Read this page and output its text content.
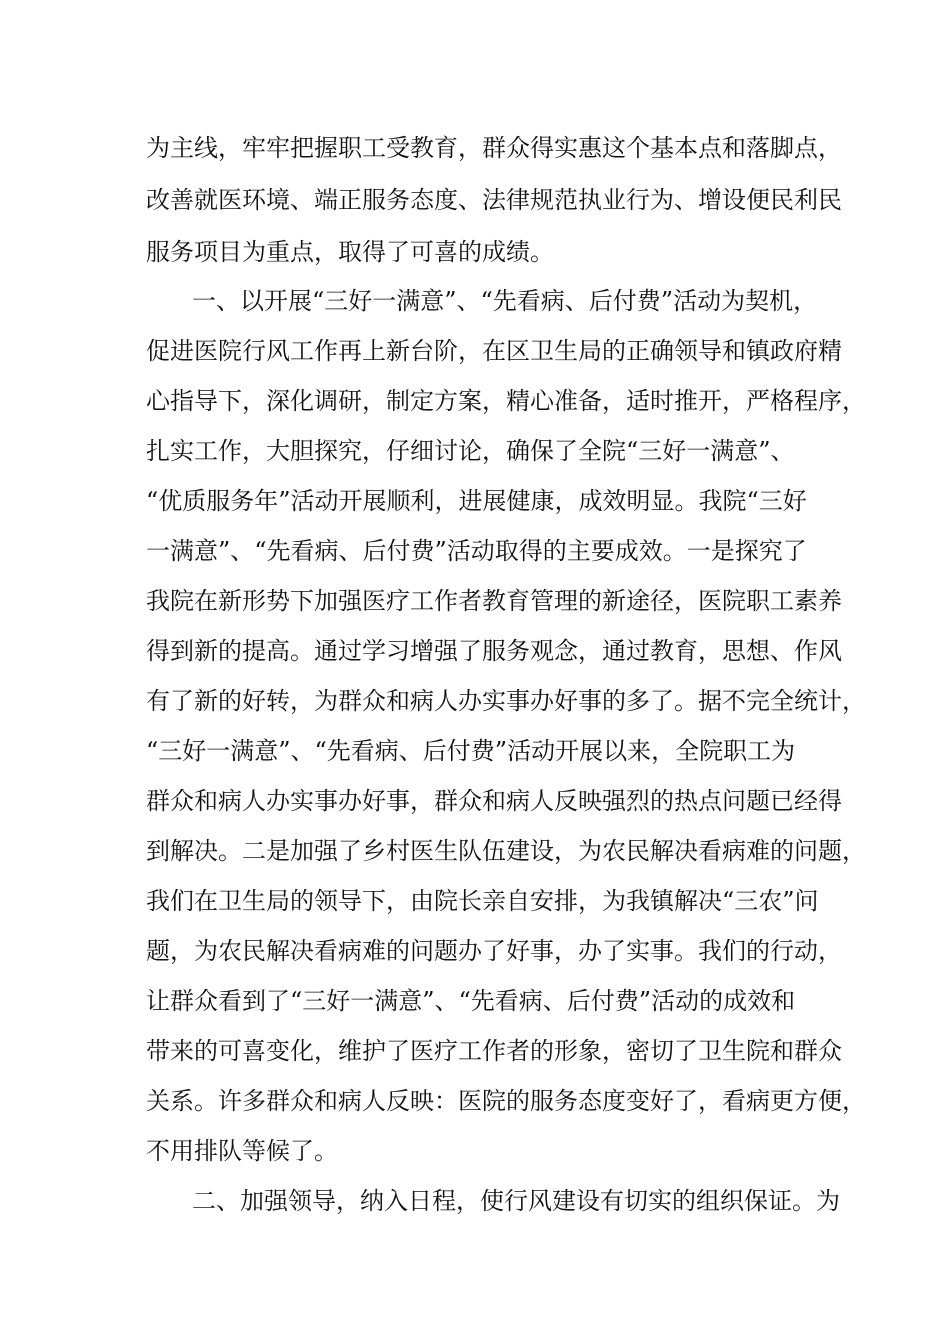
为主线，牢牢把握职工受教育，群众得实惠这个基本点和落脚点，

改善就医环境、端正服务态度、法律规范执业行为、增设便民利民

服务项目为重点，取得了可喜的成绩。

一、以开展“三好一满意”、“先看病、后付费”活动为契机，

促进医院行风工作再上新台阶，在区卫生局的正确领导和镇政府精

心指导下，深化调研，制定方案，精心准备，适时推开，严格程序，

扎实工作，大胆探究，仔细讨论，确保了全院“三好一满意”、

“优质服务年”活动开展顺利，进展健康，成效明显。我院“三好

一满意”、“先看病、后付费”活动取得的主要成效。一是探究了

我院在新形势下加强医疗工作者教育管理的新途径，医院职工素养

得到新的提高。通过学习增强了服务观念，通过教育，思想、作风

有了新的好转，为群众和病人办实事办好事的多了。据不完全统计，

“三好一满意”、“先看病、后付费”活动开展以来，全院职工为

群众和病人办实事办好事，群众和病人反映强烈的热点问题已经得

到解决。二是加强了乡村医生队伍建设，为农民解决看病难的问题，

我们在卫生局的领导下，由院长亲自安排，为我镇解决“三农”问

题，为农民解决看病难的问题办了好事，办了实事。我们的行动，

让群众看到了“三好一满意”、“先看病、后付费”活动的成效和

带来的可喜变化，维护了医疗工作者的形象，密切了卫生院和群众

关系。许多群众和病人反映：医院的服务态度变好了，看病更方便，

不用排队等候了。

二、加强领导，纳入日程，使行风建设有切实的组织保证。为
